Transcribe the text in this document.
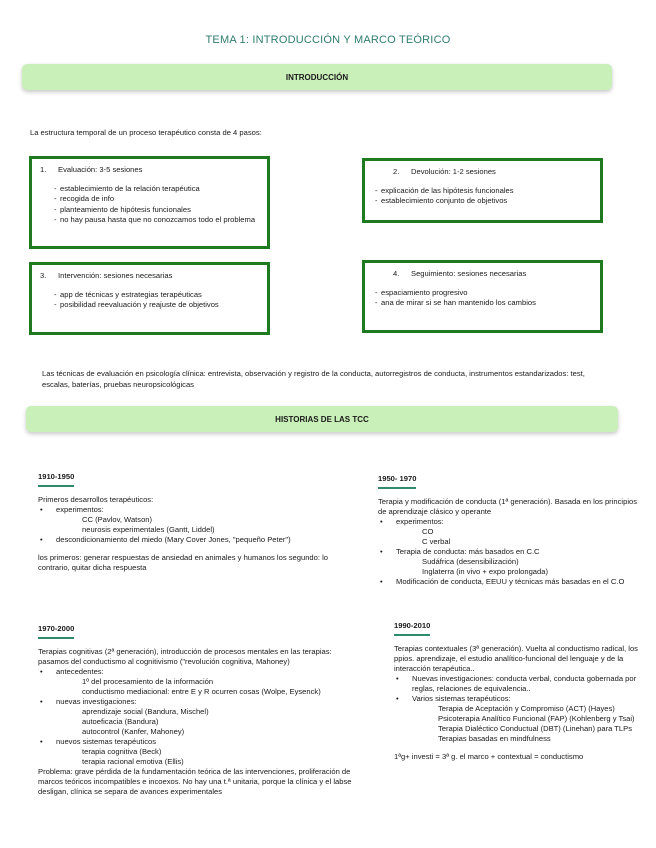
TEMA 1: INTRODUCCIÓN Y MARCO TEÓRICO
INTRODUCCIÓN
La estructura temporal de un proceso terapéutico consta de 4 pasos:
1. Evaluación: 3-5 sesiones
- establecimiento de la relación terapéutica
- recogida de info
- planteamiento de hipótesis funcionales
- no hay pausa hasta que no conozcamos todo el problema
2. Devolución: 1-2 sesiones
- explicación de las hipótesis funcionales
- establecimiento conjunto de objetivos
3. Intervención: sesiones necesarias
- app de técnicas y estrategias terapéuticas
- posibilidad reevaluación y reajuste de objetivos
4. Seguimiento: sesiones necesarias
- espaciamiento progresivo
- ana de mirar si se han mantenido los cambios
Las técnicas de evaluación en psicología clínica: entrevista, observación y registro de la conducta, autorregistros de conducta, instrumentos estandarizados: test, escalas, baterías, pruebas neuropsicológicas
HISTORIAS DE LAS TCC
1910-1950
Primeros desarrollos terapéuticos:
• experimentos:
CC (Pavlov, Watson)
neurosis experimentales (Gantt, Liddel)
• descondicionamiento del miedo (Mary Cover Jones, "pequeño Peter")
los primeros: generar respuestas de ansiedad en animales y humanos los segundo: lo contrario, quitar dicha respuesta
1950- 1970
Terapia y modificación de conducta (1ª generación). Basada en los principios de aprendizaje clásico y operante
• experimentos:
CO
C verbal
• Terapia de conducta: más basados en C.C
Sudáfrica (desensibilización)
Inglaterra (in vivo + expo prolongada)
• Modificación de conducta, EEUU y técnicas más basadas en el C.O
1970-2000
Terapias cognitivas (2ª generación), introducción de procesos mentales en las terapias: pasamos del conductismo al cognitivismo ("revolución cognitiva, Mahoney)
• antecedentes:
1º del procesamiento de la información
conductismo mediacional: entre E y R ocurren cosas (Wolpe, Eysenck)
• nuevas investigaciones:
aprendizaje social (Bandura, Mischel)
autoeficacia (Bandura)
autocontrol (Kanfer, Mahoney)
• nuevos sistemas terapéuticos
terapia cognitiva (Beck)
terapia racional emotiva (Ellis)
Problema: grave pérdida de la fundamentación teórica de las intervenciones, proliferación de marcos teóricos incompatibles e incoexos. No hay una t.ª unitaria, porque la clínica y el labse desligan, clínica se separa de avances experimentales
1990-2010
Terapias contextuales (3ª generación). Vuelta al conductismo radical, los ppios. aprendizaje, el estudio analítico-funcional del lenguaje y de la interacción terapéutica..
• Nuevas investigaciones: conducta verbal, conducta gobernada por reglas, relaciones de equivalencia..
• Varios sistemas terapéuticos:
Terapia de Aceptación y Compromiso (ACT) (Hayes)
Psicoterapia Analítico Funcional (FAP) (Kohlenberg y Tsai)
Terapia Dialéctico Conductual (DBT) (Linehan) para TLPs
Terapias basadas en mindfulness
1ªg+ investi = 3ª g. el marco + contextual = conductismo
